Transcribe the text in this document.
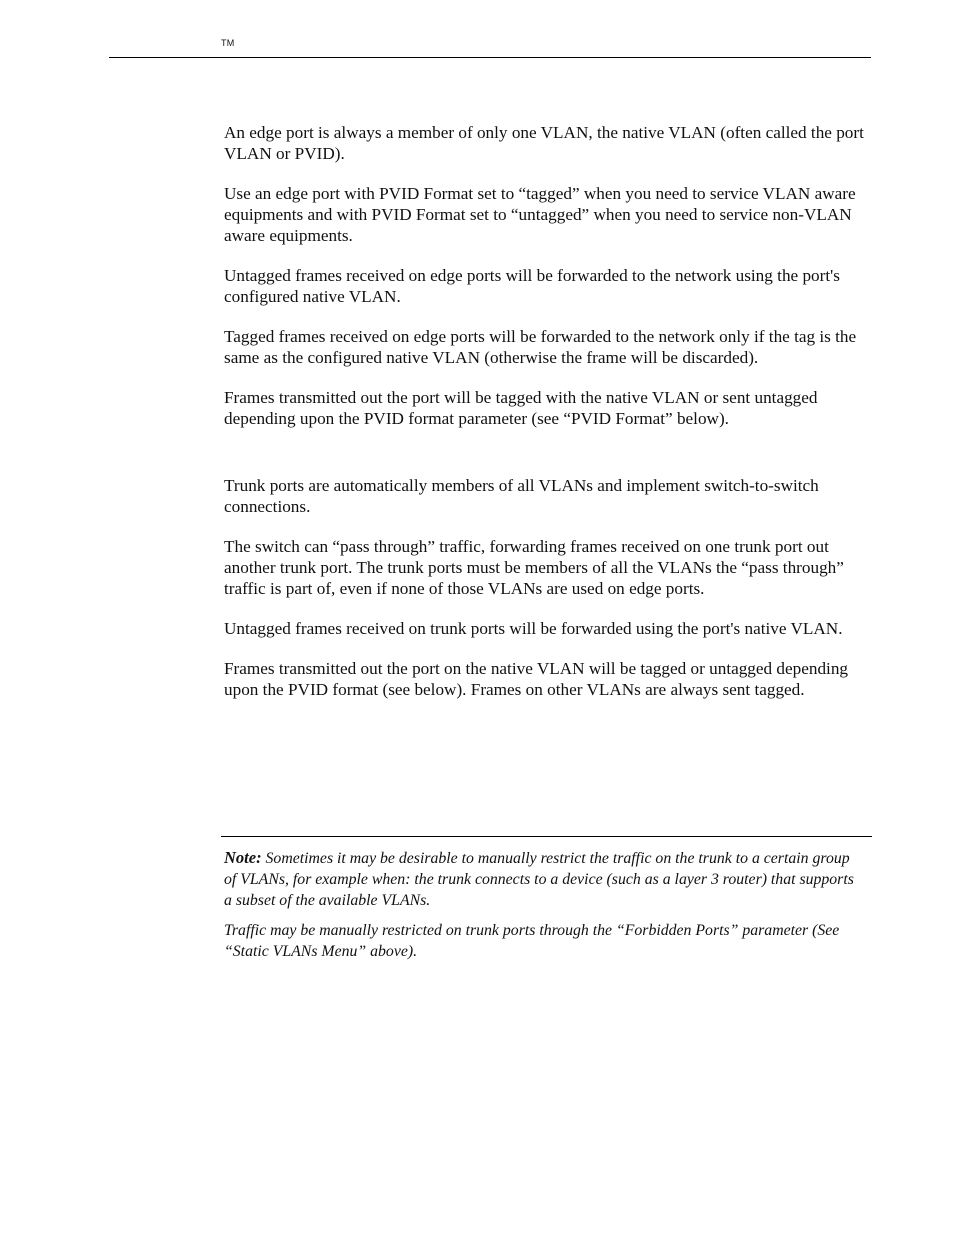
TM

An edge port is always a member of only one VLAN, the native VLAN (often called the port VLAN or PVID).

Use an edge port with PVID Format set to “tagged” when you need to service VLAN aware equipments and with PVID Format set to “untagged” when you need to service non-VLAN aware equipments.

Untagged frames received on edge ports will be forwarded to the network using the port's configured native VLAN.

Tagged frames received on edge ports will be forwarded to the network only if the tag is the same as the configured native VLAN (otherwise the frame will be discarded).

Frames transmitted out the port will be tagged with the native VLAN or sent untagged depending upon the PVID format parameter (see “PVID Format” below).

Trunk ports are automatically members of all VLANs and implement switch-to-switch connections.

The switch can “pass through” traffic, forwarding frames received on one trunk port out another trunk port. The trunk ports must be members of all the VLANs the “pass through” traffic is part of, even if none of those VLANs are used on edge ports.

Untagged frames received on trunk ports will be forwarded using the port's native VLAN.

Frames transmitted out the port on the native VLAN will be tagged or untagged depending upon the PVID format (see below). Frames on other VLANs are always sent tagged.

Note: Sometimes it may be desirable to manually restrict the traffic on the trunk to a certain group of VLANs, for example when: the trunk connects to a device (such as a layer 3 router) that supports a subset of the available VLANs.

Traffic may be manually restricted on trunk ports through the “Forbidden Ports” parameter (See “Static VLANs Menu” above).
